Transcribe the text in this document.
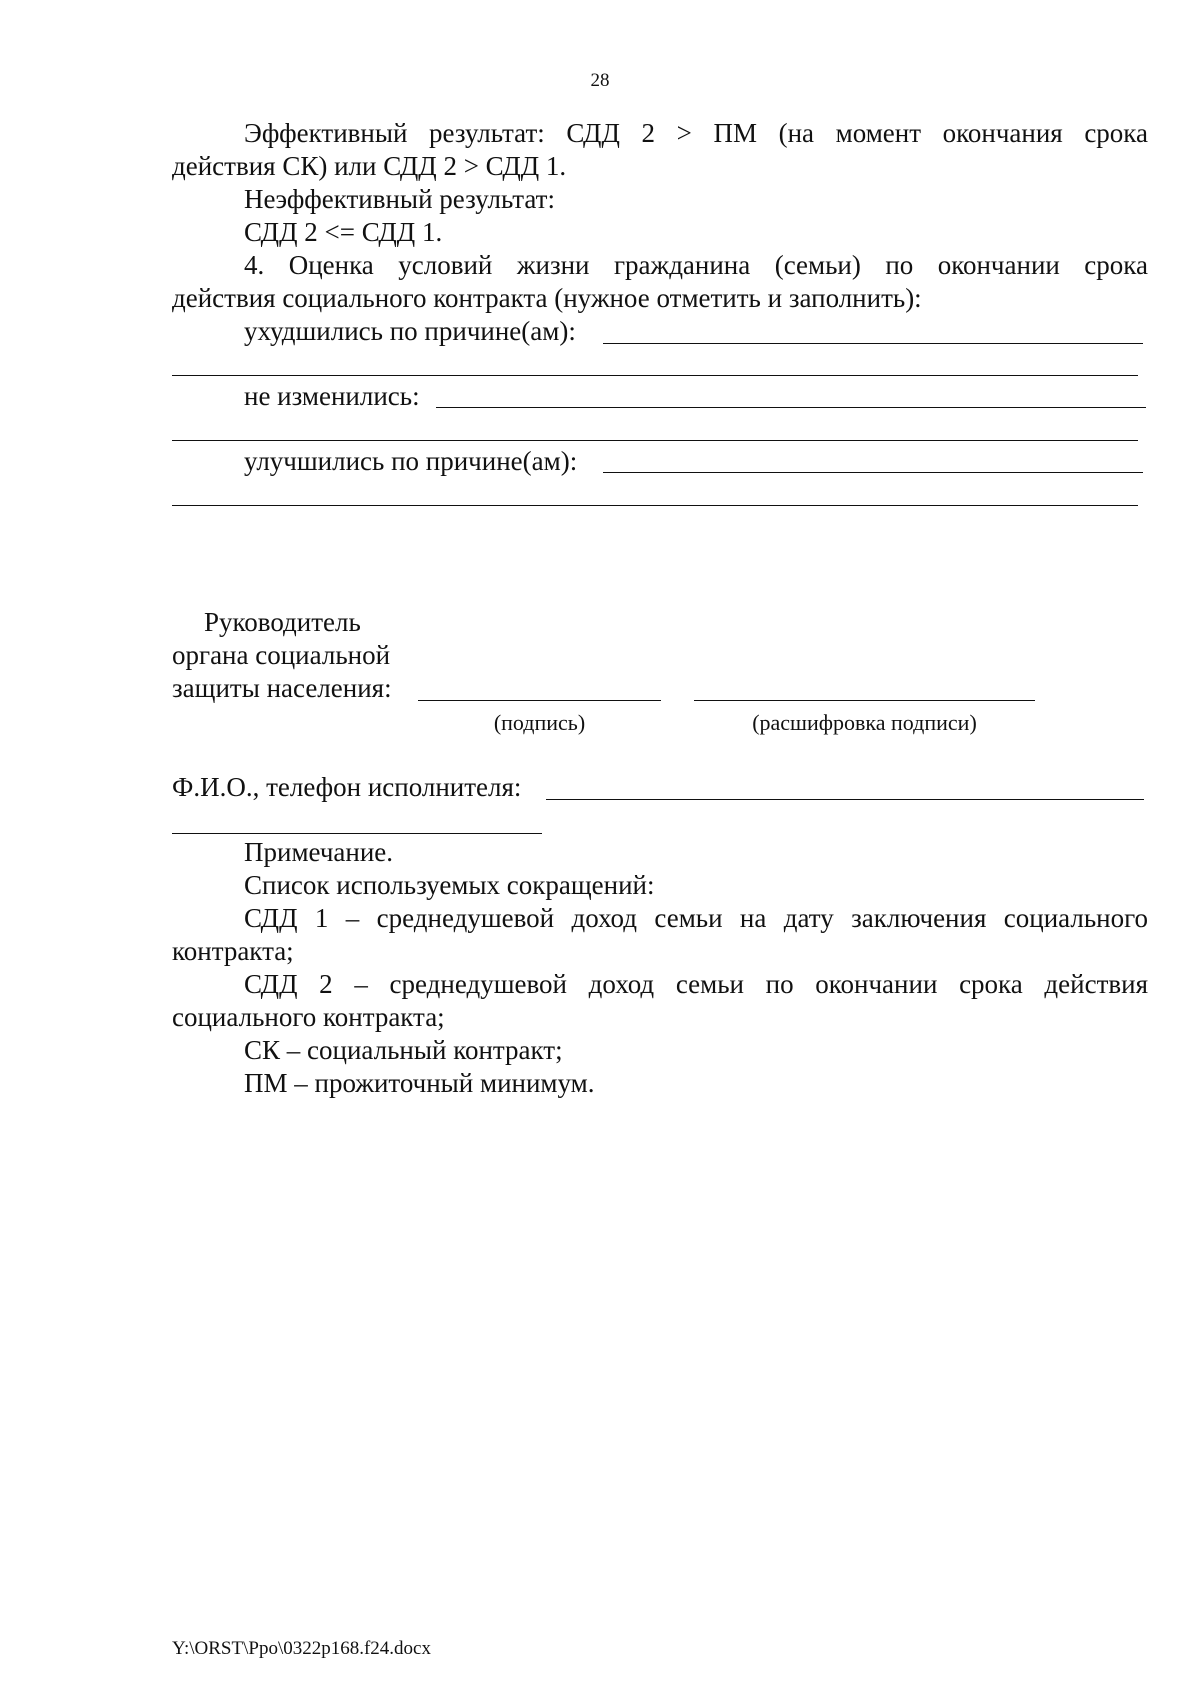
28

Эффективный результат: СДД 2 > ПМ (на момент окончания срока

действия СК) или СДД 2 > СДД 1.

Неэффективный результат:

СДД 2 <= СДД 1.

4. Оценка условий жизни гражданина (семьи) по окончании срока

действия социального контракта (нужное отметить и заполнить):

ухудшились по причине(ам):
не изменились:
улучшились по причине(ам):
Руководитель
органа социальной
защиты населения:
(подпись)	(расшифровка подписи)
Ф.И.О., телефон исполнителя:

Примечание.

Список используемых сокращений:

СДД 1 – среднедушевой доход семьи на дату заключения социального

контракта;

СДД 2 – среднедушевой доход семьи по окончании срока действия

социального контракта;

СК – социальный контракт;

ПМ – прожиточный минимум.

Y:\ORST\Ppo\0322p168.f24.docx
